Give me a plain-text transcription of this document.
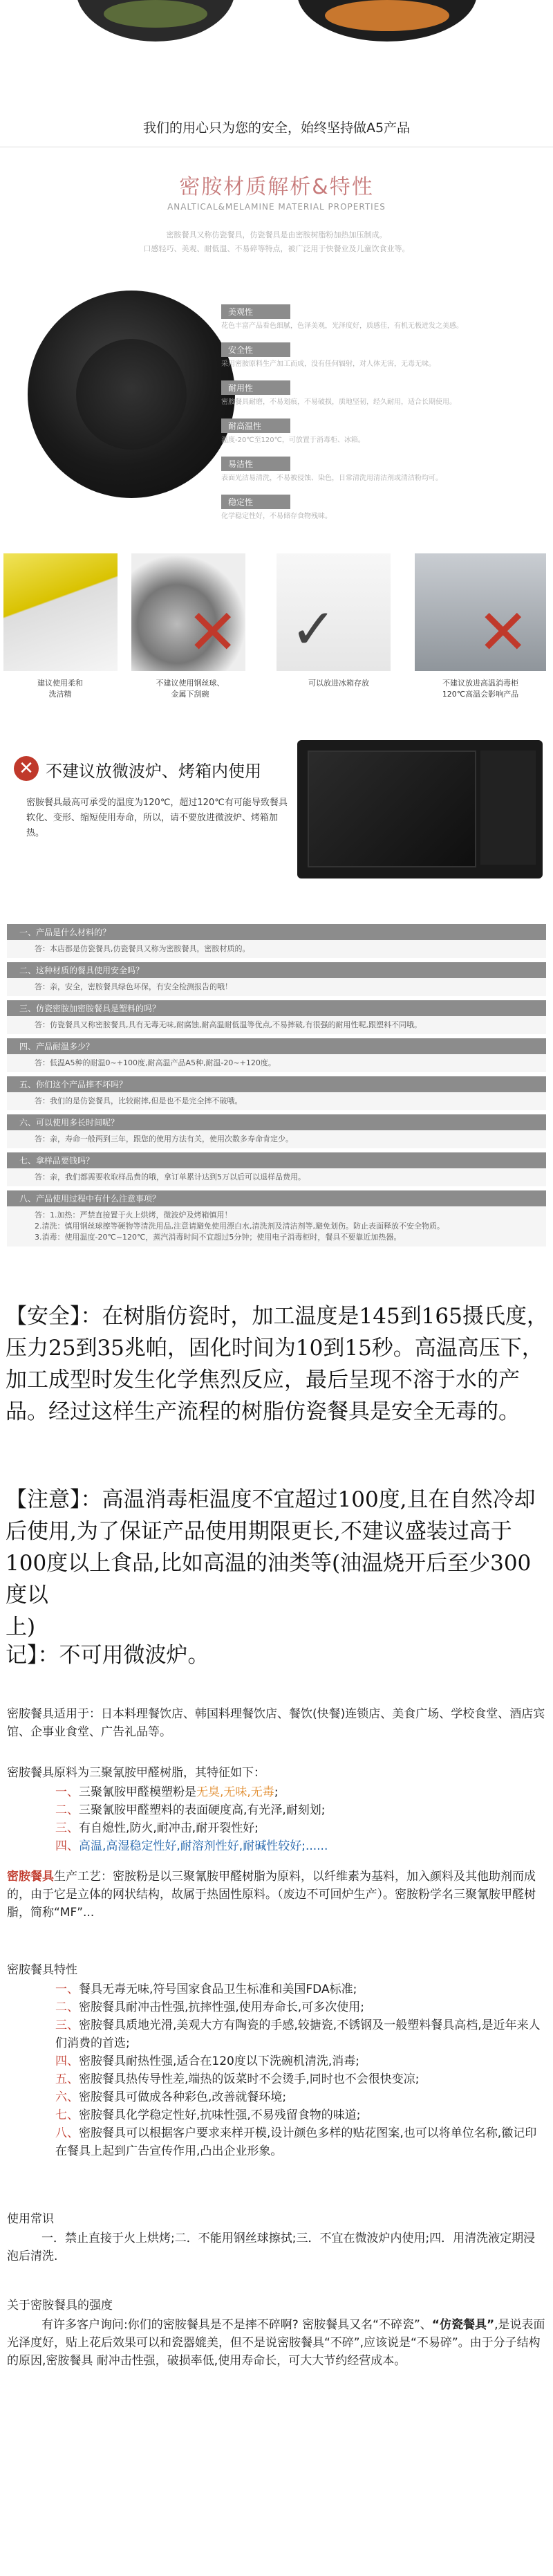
我们的用心只为您的安全，始终坚持做A5产品
密胺材质解析&特性
ANALTICAL&MELAMINE MATERIAL PROPERTIES
密胺餐具又称仿瓷餐具，仿瓷餐具是由密胺树脂粉加热加压制成。
口感轻巧、美观、耐低温、不易碎等特点，被广泛用于快餐业及儿童饮食业等。
美观性
花色丰富产品看色细腻，色泽美观，光泽度好，质感佳，有机无极迸发之美感。
安全性
采用密胺原料生产加工而成，没有任何辐射，对人体无害，无毒无味。
耐用性
密胺餐具耐磨，不易划痕，不易破损，质地坚韧，经久耐用，适合长期使用。
耐高温性
温度-20℃至120℃，可放置于消毒柜、冰箱。
易洁性
表面光洁易清洗，不易被侵蚀、染色，日常清洗用清洁剂或清洁粉均可。
稳定性
化学稳定性好，不易储存食物残味。
✕ ✓ ✕
建议使用柔和
洗洁精
不建议使用钢丝球、
金属下刮碗
可以放进冰箱存放	不建议放进高温消毒柜
120℃高温会影响产品
✕ 不建议放微波炉、烤箱内使用
密胺餐具最高可承受的温度为120℃，超过120℃有可能导致餐具软化、变形、缩短使用寿命，所以，请不要放进微波炉、烤箱加热。
一、产品是什么材料的？
答：本店都是仿瓷餐具,仿瓷餐具又称为密胺餐具，密胺材质的。
二、这种材质的餐具使用安全吗？
答：亲，安全，密胺餐具绿色环保，有安全检测报告的哦！
三、仿瓷密胺加密胺餐具是塑料的吗？
答：仿瓷餐具又称密胺餐具,具有无毒无味,耐腐蚀,耐高温耐低温等优点,不易摔破,有很强的耐用性呢,跟塑料不同哦。
四、产品耐温多少？
答：低温A5种的耐温0~+100度,耐高温产品A5种,耐温-20~+120度。
五、你们这个产品摔不坏吗？
答：我们的是仿瓷餐具，比较耐摔,但是也不是完全摔不破哦。
六、可以使用多长时间呢？
答：亲，寿命一般两到三年，跟您的使用方法有关，使用次数多寿命肯定少。
七、拿样品要钱吗？
答：亲，我们都需要收取样品费的哦，拿订单累计达到5万以后可以退样品费用。
八、产品使用过程中有什么注意事项？
答：1.加热：严禁直接置于火上烘烤，微波炉及烤箱慎用！
2.清洗：慎用钢丝球擦等硬物等清洗用品,注意请避免使用漂白水,清洗剂及清洁剂等,避免划伤。防止表面释放不安全物质。
3.消毒：使用温度-20℃~120℃，蒸汽消毒时间不宜超过5分钟；使用电子消毒柜时，餐具不要靠近加热器。
【安全】：在树脂仿瓷时，加工温度是145到165摄氏度，压力25到35兆帕，固化时间为10到15秒。高温高压下，加工成型时发生化学焦烈反应，最后呈现不溶于水的产品。经过这样生产流程的树脂仿瓷餐具是安全无毒的。
【注意】：高温消毒柜温度不宜超过100度,且在自然冷却后使用,为了保证产品使用期限更长,不建议盛装过高于100度以上食品,比如高温的油类等(油温烧开后至少300度以
上)
记】：不可用微波炉。
密胺餐具适用于：日本料理餐饮店、韩国料理餐饮店、餐饮(快餐)连锁店、美食广场、学校食堂、酒店宾馆、企事业食堂、广告礼品等。
密胺餐具原料为三聚氰胺甲醛树脂，其特征如下：
一、三聚氰胺甲醛模塑粉是无臭,无味,无毒;
二、三聚氰胺甲醛塑料的表面硬度高,有光泽,耐刻划;
三、有自熄性,防火,耐冲击,耐开裂性好;
四、高温,高湿稳定性好,耐溶剂性好,耐碱性较好;......
密胺餐具生产工艺：密胺粉是以三聚氰胺甲醛树脂为原料，以纤维素为基料，加入颜料及其他助剂而成的，由于它是立体的网状结构，故属于热固性原料。（废边不可回炉生产）。密胺粉学名三聚氰胺甲醛树脂，简称“MF”...
密胺餐具特性
一、餐具无毒无味,符号国家食品卫生标准和美国FDA标准;
二、密胺餐具耐冲击性强,抗摔性强,使用寿命长,可多次使用;
三、密胺餐具质地光滑,美观大方有陶瓷的手感,较搪瓷,不锈钢及一般塑料餐具高档,是近年来人们消费的首选;
四、密胺餐具耐热性强,适合在120度以下洗碗机清洗,消毒;
五、密胺餐具热传导性差,端热的饭菜时不会烫手,同时也不会很快变凉;
六、密胺餐具可做成各种彩色,改善就餐环境;
七、密胺餐具化学稳定性好,抗味性强,不易残留食物的味道;
八、密胺餐具可以根据客户要求来样开模,设计颜色多样的贴花图案,也可以将单位名称,徽记印在餐具上起到广告宣传作用,凸出企业形象。
使用常识
一．禁止直接于火上烘烤;二．不能用钢丝球擦拭;三．不宜在微波炉内使用;四．用清洗液定期浸泡后清洗.
关于密胺餐具的强度
有许多客户询问:你们的密胺餐具是不是摔不碎啊? 密胺餐具又名“不碎瓷”、“仿瓷餐具”,是说表面光泽度好，贴上花后效果可以和瓷器媲美，但不是说密胺餐具“不碎”,应该说是“不易碎”。由于分子结构的原因,密胺餐具 耐冲击性强，破损率低,使用寿命长，可大大节约经营成本。
